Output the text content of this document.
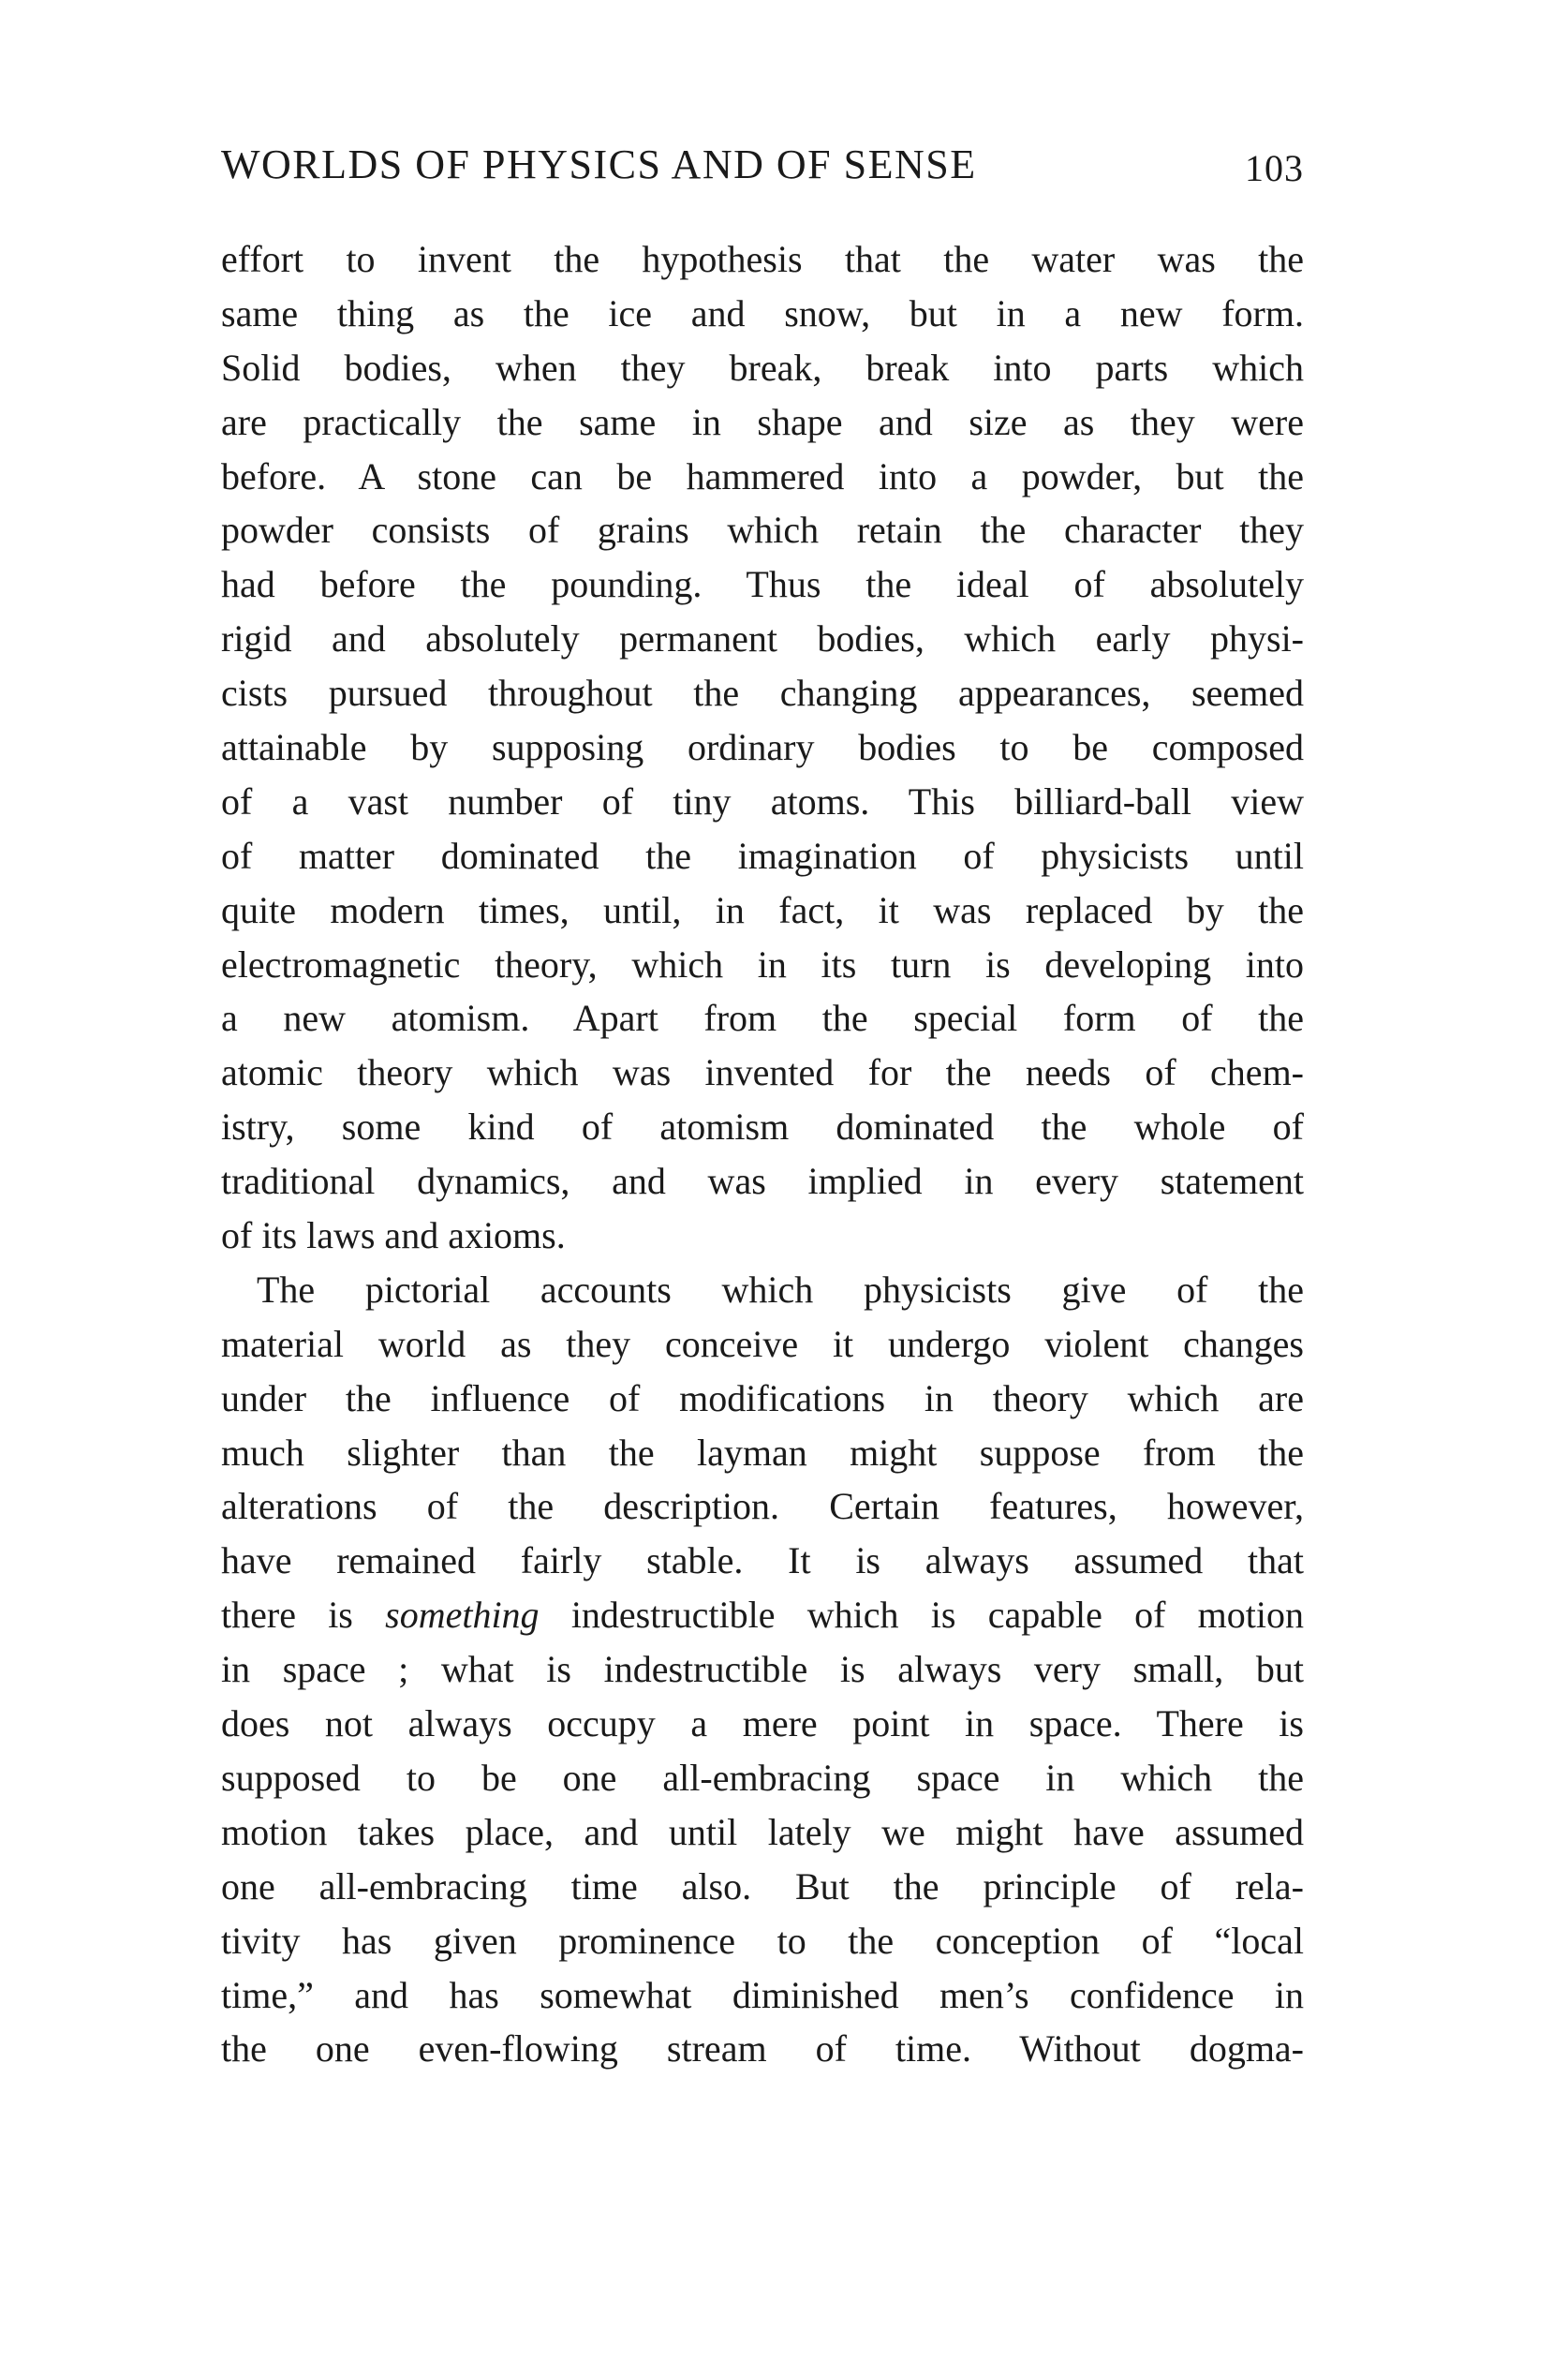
WORLDS OF PHYSICS AND OF SENSE	103
effort to invent the hypothesis that the water was the
same thing as the ice and snow, but in a new form.
Solid bodies, when they break, break into parts which
are practically the same in shape and size as they were
before. A stone can be hammered into a powder, but the
powder consists of grains which retain the character they
had before the pounding. Thus the ideal of absolutely
rigid and absolutely permanent bodies, which early physi-
cists pursued throughout the changing appearances, seemed
attainable by supposing ordinary bodies to be composed
of a vast number of tiny atoms. This billiard-ball view
of matter dominated the imagination of physicists until
quite modern times, until, in fact, it was replaced by the
electromagnetic theory, which in its turn is developing into
a new atomism. Apart from the special form of the
atomic theory which was invented for the needs of chem-
istry, some kind of atomism dominated the whole of
traditional dynamics, and was implied in every statement
of its laws and axioms.
The pictorial accounts which physicists give of the
material world as they conceive it undergo violent changes
under the influence of modifications in theory which are
much slighter than the layman might suppose from the
alterations of the description. Certain features, however,
have remained fairly stable. It is always assumed that
there is something indestructible which is capable of motion
in space ; what is indestructible is always very small, but
does not always occupy a mere point in space. There is
supposed to be one all-embracing space in which the
motion takes place, and until lately we might have assumed
one all-embracing time also. But the principle of rela-
tivity has given prominence to the conception of “local
time,” and has somewhat diminished men’s confidence in
the one even-flowing stream of time. Without dogma-
